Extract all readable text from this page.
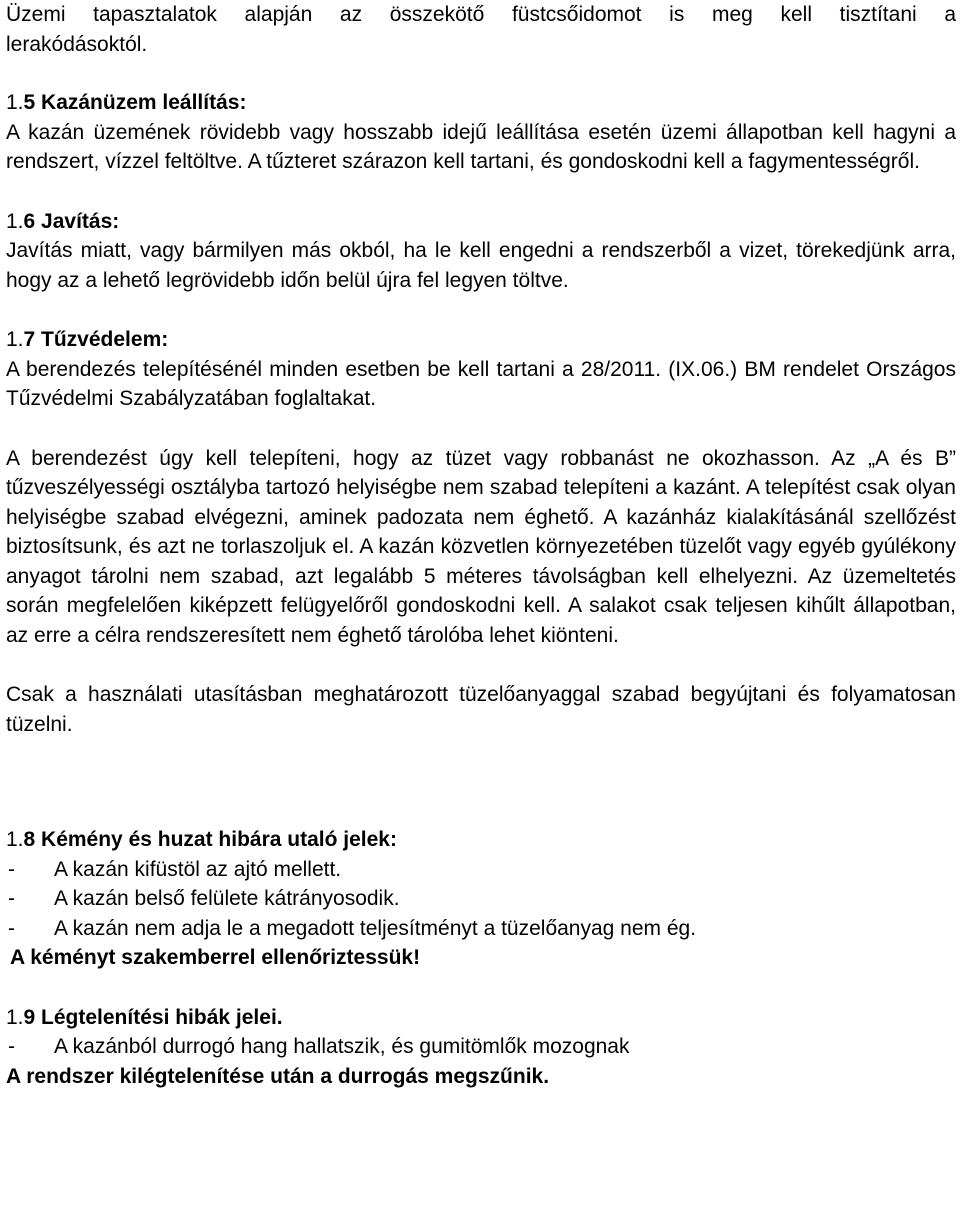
Üzemi tapasztalatok alapján az összekötő füstcsőidomot is meg kell tisztítani a

lerakódásoktól.

1.5 Kazánüzem leállítás:

A kazán üzemének rövidebb vagy hosszabb idejű leállítása esetén üzemi állapotban kell hagyni a rendszert, vízzel feltöltve. A tűzteret szárazon kell tartani, és gondoskodni kell a fagymentességről.

1.6 Javítás:

Javítás miatt, vagy bármilyen más okból, ha le kell engedni a rendszerből a vizet, törekedjünk arra, hogy az a lehető legrövidebb időn belül újra fel legyen töltve.

1.7 Tűzvédelem:

A berendezés telepítésénél minden esetben be kell tartani a 28/2011. (IX.06.) BM rendelet Országos Tűzvédelmi Szabályzatában foglaltakat.

A berendezést úgy kell telepíteni, hogy az tüzet vagy robbanást ne okozhasson. Az „A és B” tűzveszélyességi osztályba tartozó helyiségbe nem szabad telepíteni a kazánt. A telepítést csak olyan helyiségbe szabad elvégezni, aminek padozata nem éghető. A kazánház kialakításánál szellőzést biztosítsunk, és azt ne torlaszoljuk el. A kazán közvetlen környezetében tüzelőt vagy egyéb gyúlékony anyagot tárolni nem szabad, azt legalább 5 méteres távolságban kell elhelyezni. Az üzemeltetés során megfelelően kiképzett felügyelőről gondoskodni kell. A salakot csak teljesen kihűlt állapotban, az erre a célra rendszeresített nem éghető tárolóba lehet kiönteni.

Csak a használati utasításban meghatározott tüzelőanyaggal szabad begyújtani és folyamatosan tüzelni.

1.8 Kémény és huzat hibára utaló jelek:

- A kazán kifüstöl az ajtó mellett.
- A kazán belső felülete kátrányosodik.
- A kazán nem adja le a megadott teljesítményt a tüzelőanyag nem ég.

A kéményt szakemberrel ellenőriztessük!

1.9 Légtelenítési hibák jelei.

- A kazánból durrogó hang hallatszik, és gumitömlők mozognak

A rendszer kilégtelenítése után a durrogás megszűnik.
